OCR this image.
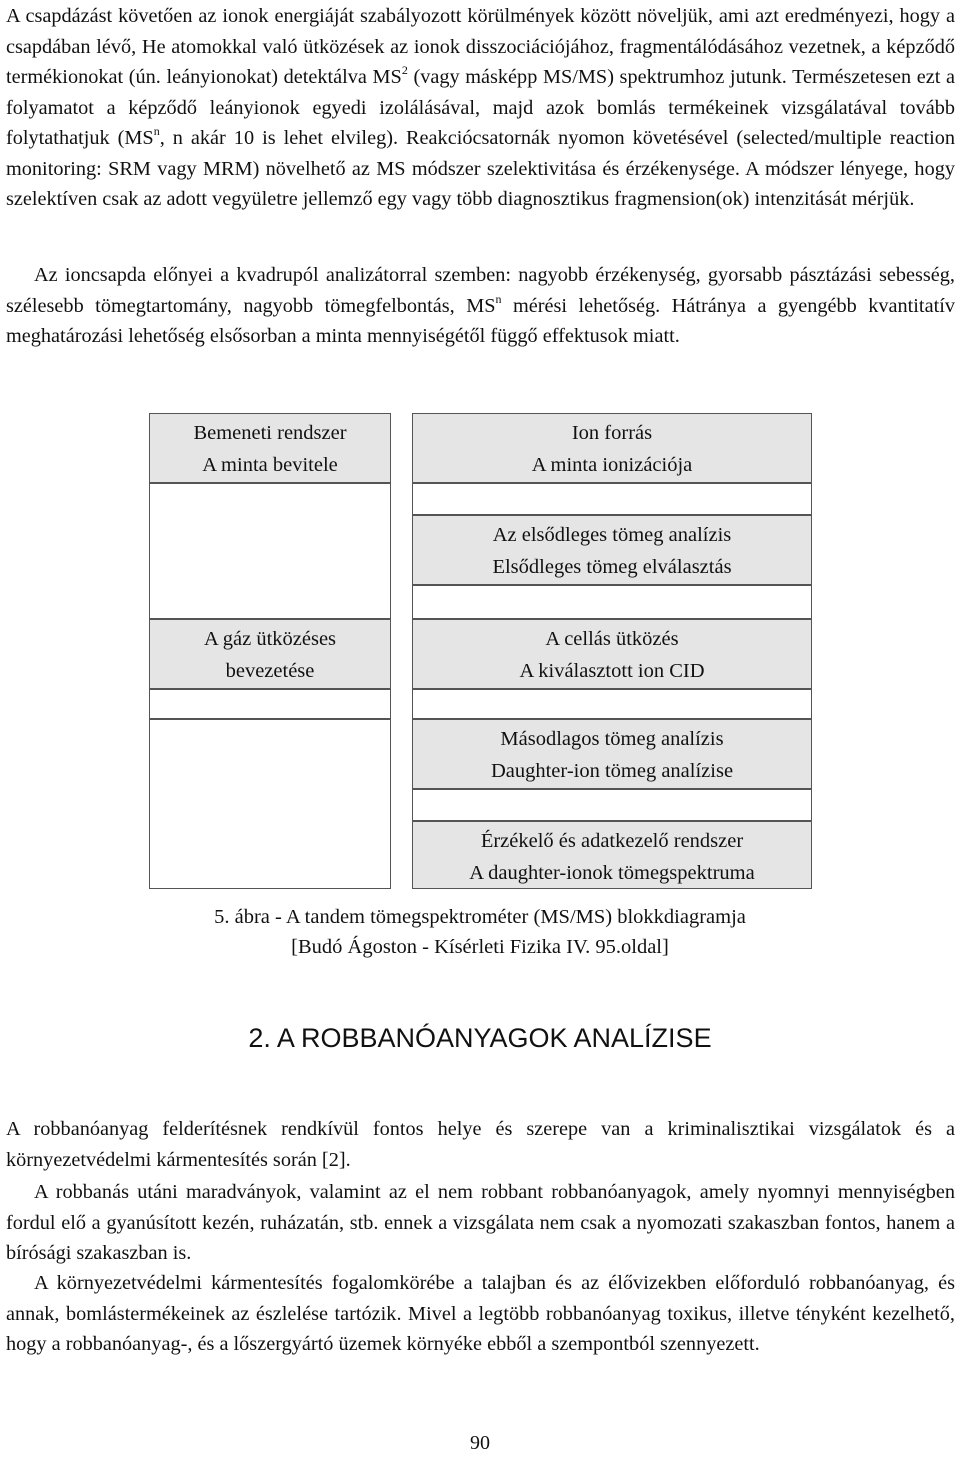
A csapdázást követően az ionok energiáját szabályozott körülmények között növeljük, ami azt eredményezi, hogy a csapdában lévő, He atomokkal való ütközések az ionok disszociációjához, fragmentálódásához vezetnek, a képződő termékionokat (ún. leányionokat) detektálva $MS^2$ (vagy másképp MS/MS) spektrumhoz jutunk. Természetesen ezt a folyamatot a képződő leányionok egyedi izolálásával, majd azok bomlás termékeinek vizsgálatával tovább folytathatjuk ($MS^n$, n akár 10 is lehet elvileg). Reakciócsatornák nyomon követésével (selected/multiple reaction monitoring: SRM vagy MRM) növelhető az MS módszer szelektivitása és érzékenysége. A módszer lényege, hogy szelektíven csak az adott vegyületre jellemző egy vagy több diagnosztikus fragmension(ok) intenzitását mérjük.

Az ioncsapda előnyei a kvadrupól analizátorral szemben: nagyobb érzékenység, gyorsabb pásztázási sebesség, szélesebb tömegtartomány, nagyobb tömegfelbontás, $MS^n$ mérési lehetőség. Hátránya a gyengébb kvantitatív meghatározási lehetőség elsősorban a minta mennyiségétől függő effektusok miatt.

Bemeneti rendszer
A minta bevitele
A gáz ütközéses
bevezetése
Ion forrás
A minta ionizációja
Az elsődleges tömeg analízis
Elsődleges tömeg elválasztás
A cellás ütközés
A kiválasztott ion CID
Másodlagos tömeg analízis
Daughter-ion tömeg analízise
Érzékelő és adatkezelő rendszer
A daughter-ionok tömegspektruma
5. ábra - A tandem tömegspektrométer (MS/MS) blokkdiagramja
[Budó Ágoston - Kísérleti Fizika IV. 95.oldal]
2. A ROBBANÓANYAGOK ANALÍZISE

A robbanóanyag felderítésnek rendkívül fontos helye és szerepe van a kriminalisztikai vizsgálatok és a környezetvédelmi kármentesítés során [2].

A robbanás utáni maradványok, valamint az el nem robbant robbanóanyagok, amely nyomnyi mennyiségben fordul elő a gyanúsított kezén, ruházatán, stb. ennek a vizsgálata nem csak a nyomozati szakaszban fontos, hanem a bírósági szakaszban is.

A környezetvédelmi kármentesítés fogalomkörébe a talajban és az élővizekben előforduló robbanóanyag, és annak, bomlástermékeinek az észlelése tartózik. Mivel a legtöbb robbanóanyag toxikus, illetve tényként kezelhető, hogy a robbanóanyag-, és a lőszergyártó üzemek környéke ebből a szempontból szennyezett.

90
